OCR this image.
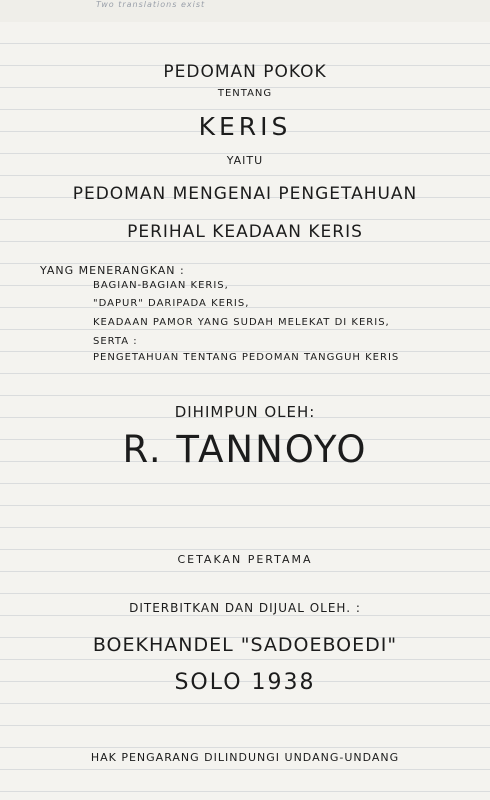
Two translations exist
PEDOMAN POKOK
TENTANG
KERIS
YAITU
PEDOMAN MENGENAI PENGETAHUAN
PERIHAL KEADAAN KERIS
YANG MENERANGKAN :
BAGIAN-BAGIAN KERIS,
"DAPUR" DARIPADA KERIS,
KEADAAN PAMOR YANG SUDAH MELEKAT DI KERIS,
SERTA :
PENGETAHUAN TENTANG PEDOMAN TANGGUH KERIS
DIHIMPUN OLEH:
R. TANNOYO
CETAKAN PERTAMA
DITERBITKAN DAN DIJUAL OLEH. :
BOEKHANDEL "SADOEBOEDI"
SOLO 1938
HAK PENGARANG DILINDUNGI UNDANG-UNDANG
